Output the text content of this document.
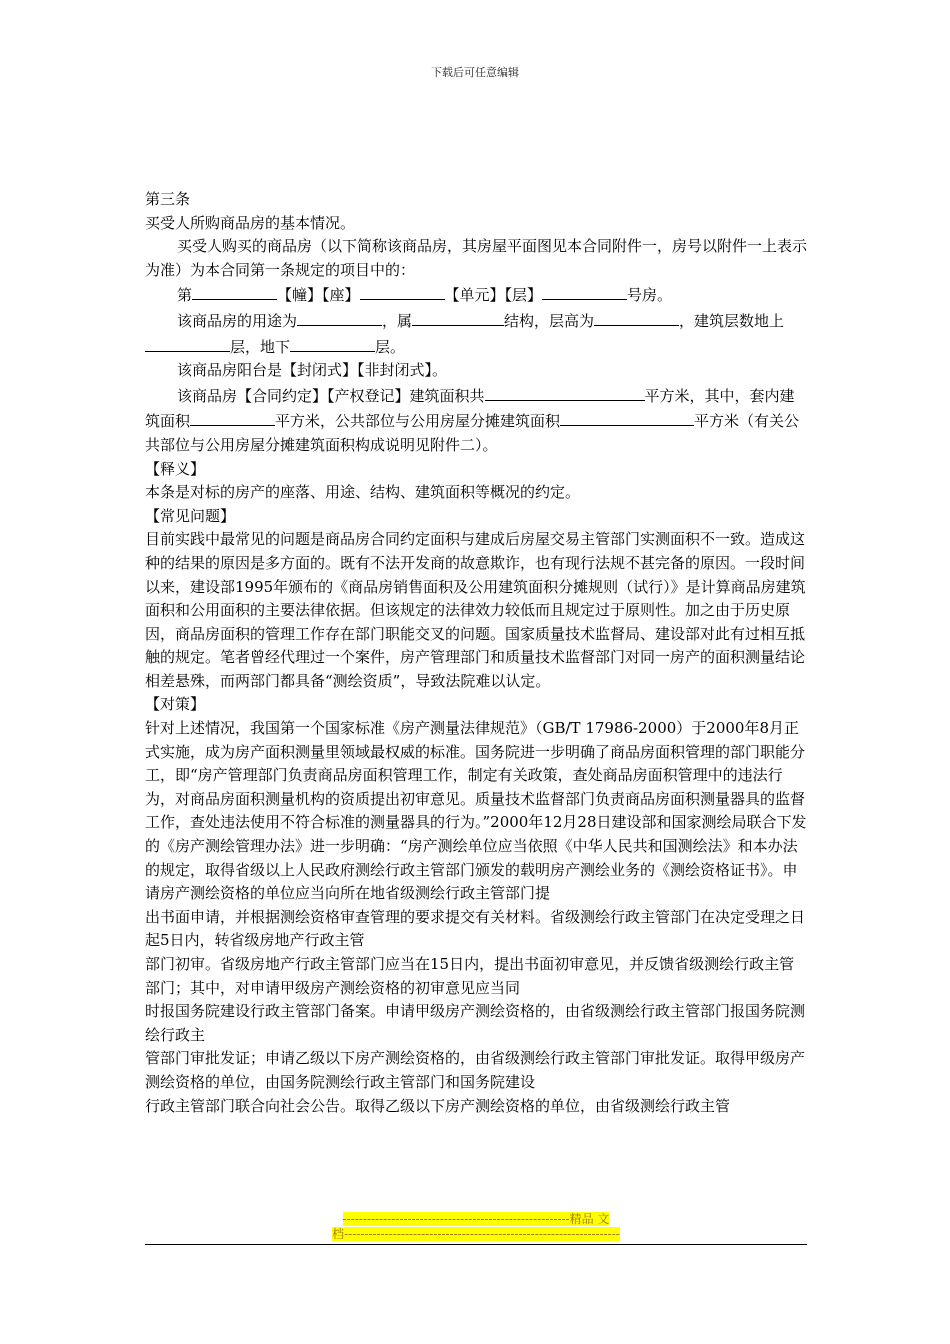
下载后可任意编辑

第三条

买受人所购商品房的基本情况。

买受人购买的商品房（以下简称该商品房，其房屋平面图见本合同附件一，房号以附件一上表示为准）为本合同第一条规定的项目中的：

第	【幢】【座】	【单元】【层】	号房。

该商品房的用途为	，属	结构，层高为	，建筑层数地上层，地下	层。

该商品房阳台是【封闭式】【非封闭式】。

该商品房【合同约定】【产权登记】建筑面积共	平方米，其中，套内建筑面积	平方米，公共部位与公用房屋分摊建筑面积	平方米（有关公共部位与公用房屋分摊建筑面积构成说明见附件二）。

【释义】

本条是对标的房产的座落、用途、结构、建筑面积等概况的约定。

【常见问题】

目前实践中最常见的问题是商品房合同约定面积与建成后房屋交易主管部门实测面积不一致。造成这种的结果的原因是多方面的。既有不法开发商的故意欺诈，也有现行法规不甚完备的原因。一段时间以来，建设部1995年颁布的《商品房销售面积及公用建筑面积分摊规则（试行）》是计算商品房建筑面积和公用面积的主要法律依据。但该规定的法律效力较低而且规定过于原则性。加之由于历史原因，商品房面积的管理工作存在部门职能交叉的问题。国家质量技术监督局、建设部对此有过相互抵触的规定。笔者曾经代理过一个案件，房产管理部门和质量技术监督部门对同一房产的面积测量结论相差悬殊，而两部门都具备“测绘资质”，导致法院难以认定。

【对策】

针对上述情况，我国第一个国家标准《房产测量法律规范》（GB/T 17986-2000）于2000年8月正式实施，成为房产面积测量里领域最权威的标准。国务院进一步明确了商品房面积管理的部门职能分工，即“房产管理部门负责商品房面积管理工作，制定有关政策，查处商品房面积管理中的违法行为，对商品房面积测量机构的资质提出初审意见。质量技术监督部门负责商品房面积测量器具的监督工作，查处违法使用不符合标准的测量器具的行为。”2000年12月28日建设部和国家测绘局联合下发的《房产测绘管理办法》进一步明确：“房产测绘单位应当依照《中华人民共和国测绘法》和本办法的规定，取得省级以上人民政府测绘行政主管部门颁发的载明房产测绘业务的《测绘资格证书》。申请房产测绘资格的单位应当向所在地省级测绘行政主管部门提

出书面申请，并根据测绘资格审查管理的要求提交有关材料。省级测绘行政主管部门在决定受理之日起5日内，转省级房地产行政主管

部门初审。省级房地产行政主管部门应当在15日内，提出书面初审意见，并反馈省级测绘行政主管部门；其中，对申请甲级房产测绘资格的初审意见应当同

时报国务院建设行政主管部门备案。申请甲级房产测绘资格的，由省级测绘行政主管部门报国务院测绘行政主

管部门审批发证；申请乙级以下房产测绘资格的，由省级测绘行政主管部门审批发证。取得甲级房产测绘资格的单位，由国务院测绘行政主管部门和国务院建设

行政主管部门联合向社会公告。取得乙级以下房产测绘资格的单位，由省级测绘行政主管

--------------------------------------------------------精品 文
档--------------------------------------------------------------------
